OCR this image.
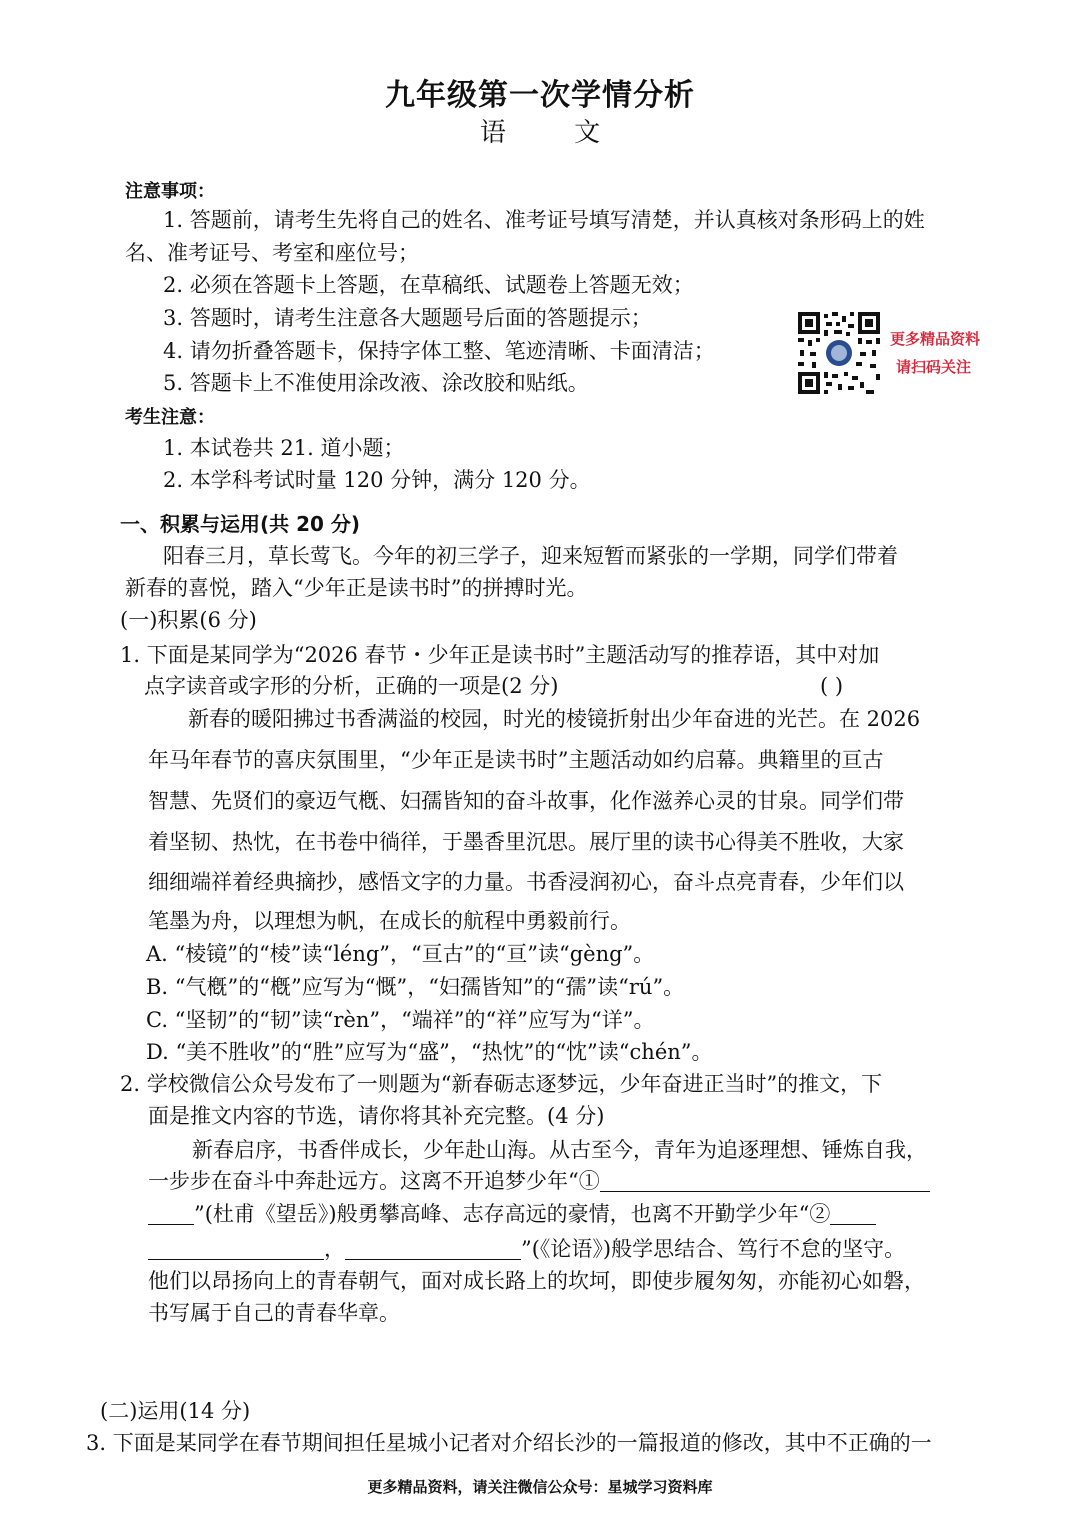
九年级第一次学情分析
语 文
注意事项：
1. 答题前，请考生先将自己的姓名、准考证号填写清楚，并认真核对条形码上的姓
名、准考证号、考室和座位号；
2. 必须在答题卡上答题，在草稿纸、试题卷上答题无效；
3. 答题时，请考生注意各大题题号后面的答题提示；
4. 请勿折叠答题卡，保持字体工整、笔迹清晰、卡面清洁；
5. 答题卡上不准使用涂改液、涂改胶和贴纸。
更多精品资料
请扫码关注
考生注意：
1. 本试卷共 21. 道小题；
2. 本学科考试时量 120 分钟，满分 120 分。
一、积累与运用(共 20 分)
阳春三月，草长莺飞。今年的初三学子，迎来短暂而紧张的一学期，同学们带着
新春的喜悦，踏入“少年正是读书时”的拼搏时光。
(一)积累(6 分)
1. 下面是某同学为“2026 春节・少年正是读书时”主题活动写的推荐语，其中对加
点字读音或字形的分析，正确的一项是(2 分)	( )
新春的暖阳拂过书香满溢的校园，时光的棱镜折射出少年奋进的光芒。在 2026
年马年春节的喜庆氛围里，“少年正是读书时”主题活动如约启幕。典籍里的亘古
智慧、先贤们的豪迈气槪、妇孺皆知的奋斗故事，化作滋养心灵的甘泉。同学们带
着坚韧、热忱，在书卷中徜徉，于墨香里沉思。展厅里的读书心得美不胜收，大家
细细端祥着经典摘抄，感悟文字的力量。书香浸润初心，奋斗点亮青春，少年们以
笔墨为舟，以理想为帆，在成长的航程中勇毅前行。
A. “棱镜”的“棱”读“léng”，“亘古”的“亘”读“gèng”。
B. “气槪”的“槪”应写为“慨”，“妇孺皆知”的“孺”读“rú”。
C. “坚韧”的“韧”读“rèn”，“端祥”的“祥”应写为“详”。
D. “美不胜收”的“胜”应写为“盛”，“热忱”的“忱”读“chén”。
2. 学校微信公众号发布了一则题为“新春砺志逐梦远，少年奋进正当时”的推文，下
面是推文内容的节选，请你将其补充完整。(4 分)
新春启序，书香伴成长，少年赴山海。从古至今，青年为追逐理想、锤炼自我，
一步步在奋斗中奔赴远方。这离不开追梦少年“①
”(杜甫《望岳》)般勇攀高峰、志存高远的豪情，也离不开勤学少年“②
，	”(《论语》)般学思结合、笃行不怠的坚守。
他们以昂扬向上的青春朝气，面对成长路上的坎坷，即使步履匆匆，亦能初心如磐，
书写属于自己的青春华章。
(二)运用(14 分)
3. 下面是某同学在春节期间担任星城小记者对介绍长沙的一篇报道的修改，其中不正确的一
更多精品资料，请关注微信公众号：星城学习资料库
